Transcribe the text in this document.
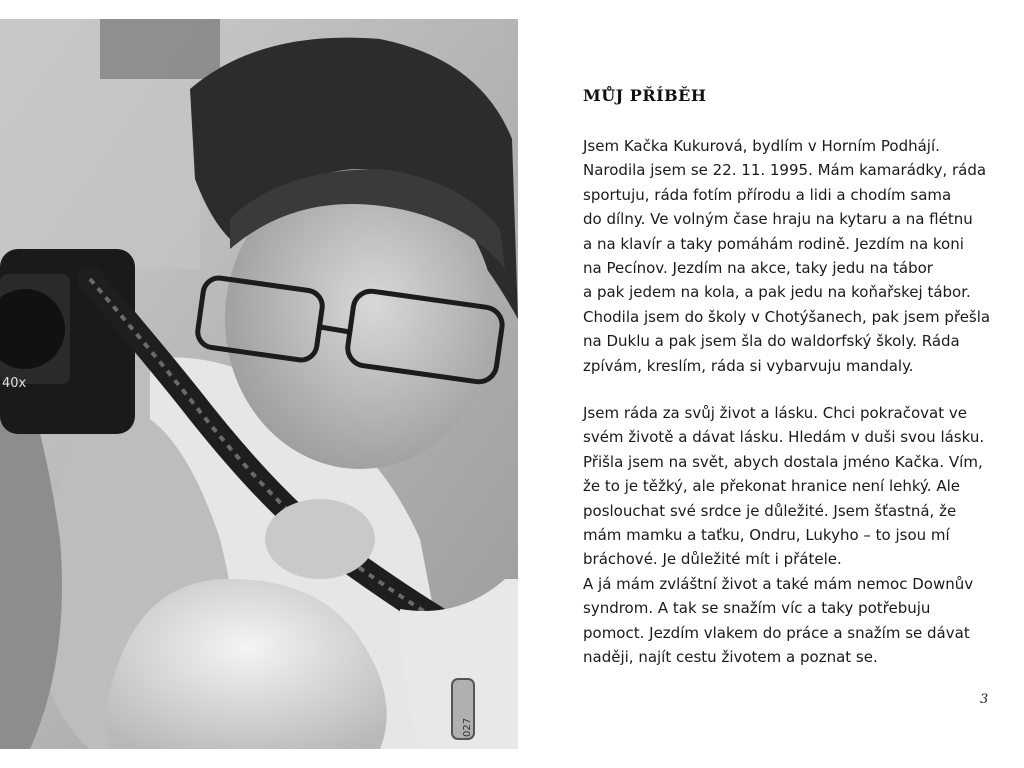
40x
027
MŮJ PŘÍBĚH
Jsem Kačka Kukurová, bydlím v Horním Podhájí.
Narodila jsem se 22. 11. 1995. Mám kamarádky, ráda
sportuju, ráda fotím přírodu a lidi a chodím sama
do dílny. Ve volným čase hraju na kytaru a na flétnu
a na klavír a taky pomáhám rodině. Jezdím na koni
na Pecínov. Jezdím na akce, taky jedu na tábor
a pak jedem na kola, a pak jedu na koňařskej tábor.
Chodila jsem do školy v Chotýšanech, pak jsem přešla
na Duklu a pak jsem šla do waldorfský školy. Ráda
zpívám, kreslím, ráda si vybarvuju mandaly.
Jsem ráda za svůj život a lásku. Chci pokračovat ve
svém životě a dávat lásku. Hledám v duši svou lásku.
Přišla jsem na svět, abych dostala jméno Kačka. Vím,
že to je těžký, ale překonat hranice není lehký. Ale
poslouchat své srdce je důležité. Jsem šťastná, že
mám mamku a taťku, Ondru, Lukyho – to jsou mí
bráchové. Je důležité mít i přátele.
A já mám zvláštní život a také mám nemoc Downův
syndrom. A tak se snažím víc a taky potřebuju
pomoct. Jezdím vlakem do práce a snažím se dávat
naději, najít cestu životem a poznat se.
3
